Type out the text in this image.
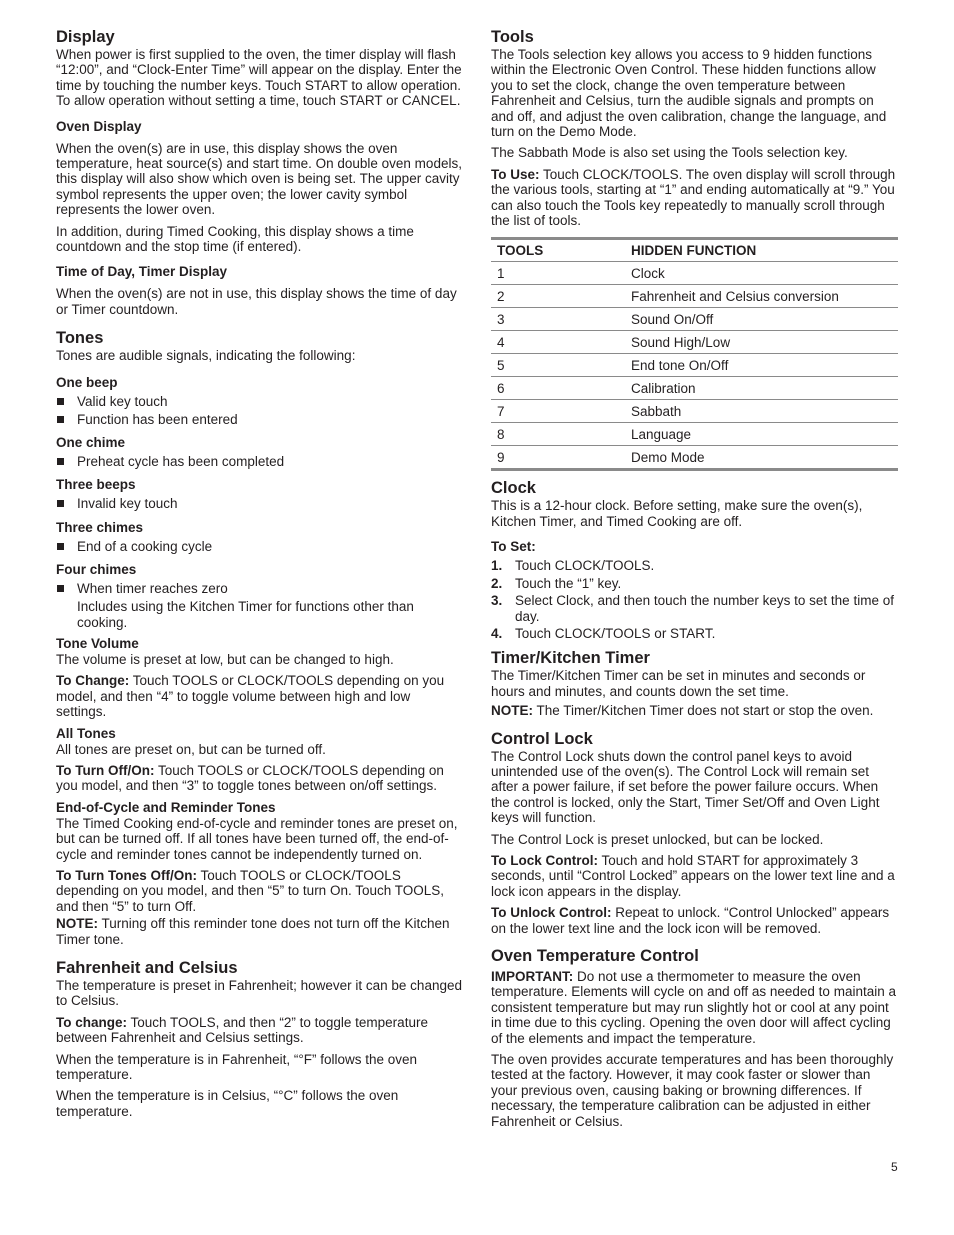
Display

When power is first supplied to the oven, the timer display will flash “12:00”, and “Clock-Enter Time” will appear on the display. Enter the time by touching the number keys. Touch START to allow operation. To allow operation without setting a time, touch START or CANCEL.

Oven Display

When the oven(s) are in use, this display shows the oven temperature, heat source(s) and start time. On double oven models, this display will also show which oven is being set. The upper cavity symbol represents the upper oven; the lower cavity symbol represents the lower oven.

In addition, during Timed Cooking, this display shows a time countdown and the stop time (if entered).

Time of Day, Timer Display

When the oven(s) are not in use, this display shows the time of day or Timer countdown.

Tones

Tones are audible signals, indicating the following:

One beep
Valid key touch
Function has been entered
One chime
Preheat cycle has been completed
Three beeps
Invalid key touch
Three chimes
End of a cooking cycle
Four chimes
When timer reaches zero

Includes using the Kitchen Timer for functions other than cooking.

Tone Volume

The volume is preset at low, but can be changed to high.

To Change: Touch TOOLS or CLOCK/TOOLS depending on you model, and then “4” to toggle volume between high and low settings.

All Tones

All tones are preset on, but can be turned off.

To Turn Off/On: Touch TOOLS or CLOCK/TOOLS depending on you model, and then “3” to toggle tones between on/off settings.

End-of-Cycle and Reminder Tones

The Timed Cooking end-of-cycle and reminder tones are preset on, but can be turned off. If all tones have been turned off, the end-of-cycle and reminder tones cannot be independently turned on.

To Turn Tones Off/On: Touch TOOLS or CLOCK/TOOLS depending on you model, and then “5” to turn On. Touch TOOLS, and then “5” to turn Off.

NOTE: Turning off this reminder tone does not turn off the Kitchen Timer tone.

Fahrenheit and Celsius

The temperature is preset in Fahrenheit; however it can be changed to Celsius.

To change: Touch TOOLS, and then “2” to toggle temperature between Fahrenheit and Celsius settings.

When the temperature is in Fahrenheit, “°F” follows the oven temperature.

When the temperature is in Celsius, “°C” follows the oven temperature.

Tools

The Tools selection key allows you access to 9 hidden functions within the Electronic Oven Control. These hidden functions allow you to set the clock, change the oven temperature between Fahrenheit and Celsius, turn the audible signals and prompts on and off, and adjust the oven calibration, change the language, and turn on the Demo Mode.

The Sabbath Mode is also set using the Tools selection key.

To Use: Touch CLOCK/TOOLS. The oven display will scroll through the various tools, starting at “1” and ending automatically at “9.” You can also touch the Tools key repeatedly to manually scroll through the list of tools.

TOOLS	HIDDEN FUNCTION
1	Clock
2	Fahrenheit and Celsius conversion
3	Sound On/Off
4	Sound High/Low
5	End tone On/Off
6	Calibration
7	Sabbath
8	Language
9	Demo Mode
Clock

This is a 12-hour clock. Before setting, make sure the oven(s), Kitchen Timer, and Timed Cooking are off.

To Set:
1. Touch CLOCK/TOOLS.
2. Touch the “1” key.
3. Select Clock, and then touch the number keys to set the time of day.
4. Touch CLOCK/TOOLS or START.
Timer/Kitchen Timer

The Timer/Kitchen Timer can be set in minutes and seconds or hours and minutes, and counts down the set time.

NOTE: The Timer/Kitchen Timer does not start or stop the oven.

Control Lock

The Control Lock shuts down the control panel keys to avoid unintended use of the oven(s). The Control Lock will remain set after a power failure, if set before the power failure occurs. When the control is locked, only the Start, Timer Set/Off and Oven Light keys will function.

The Control Lock is preset unlocked, but can be locked.

To Lock Control: Touch and hold START for approximately 3 seconds, until “Control Locked” appears on the lower text line and a lock icon appears in the display.

To Unlock Control: Repeat to unlock. “Control Unlocked” appears on the lower text line and the lock icon will be removed.

Oven Temperature Control

IMPORTANT: Do not use a thermometer to measure the oven temperature. Elements will cycle on and off as needed to maintain a consistent temperature but may run slightly hot or cool at any point in time due to this cycling. Opening the oven door will affect cycling of the elements and impact the temperature.

The oven provides accurate temperatures and has been thoroughly tested at the factory. However, it may cook faster or slower than your previous oven, causing baking or browning differences. If necessary, the temperature calibration can be adjusted in either Fahrenheit or Celsius.

5
